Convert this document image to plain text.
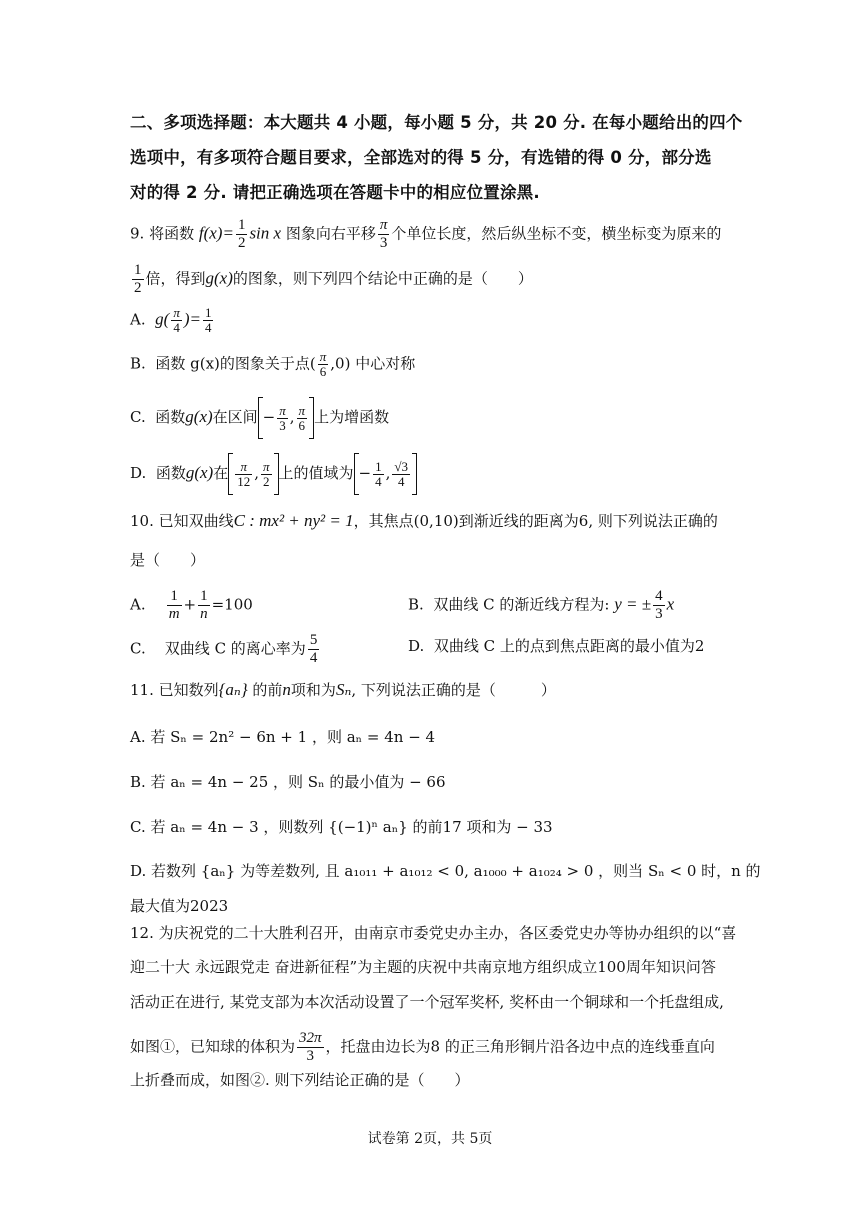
二、多项选择题：本大题共 4 小题，每小题 5 分，共 20 分. 在每小题给出的四个
选项中，有多项符合题目要求，全部选对的得 5 分，有选错的得 0 分，部分选
对的得 2 分. 请把正确选项在答题卡中的相应位置涂黑.
9. 将函数 $f(x)= \frac{1}{2}$ sin x 图象向右平移 $\frac{\pi}{3}$ 个单位长度，然后纵坐标不变，横坐标变为原来的
$\frac{1}{2}$ 倍，得到g(x)的图象，则下列四个结论中正确的是（　　）
A. $g( \frac{\pi}{4}$ )= $\frac{1}{4}$
B. 函数 g(x)的图象关于点( $\frac{\pi}{6} ,0$) 中心对称
C. 函数g(x)在区间 − $\frac{\pi}{3}$ , $\frac{\pi}{6}$ 上为增函数
D. 函数g(x)在 $\frac{\pi}{12}$ , $\frac{\pi}{2}$ 上的值域为 − $\frac{1}{4}$ , $\frac{√3}{4}$
10. 已知双曲线C : mx² + ny² = 1，其焦点(0,10)到渐近线的距离为6, 则下列说法正确的
是（　　）
A. $\frac{1}{m} + \frac{1}{n} =100$	B. 双曲线 C 的渐近线方程为: y = ± $\frac{4}{3}$ x
C. 双曲线 C 的离心率为 $\frac{5}{4}$	D. 双曲线 C 上的点到焦点距离的最小值为2
11. 已知数列{aₙ} 的前n项和为Sₙ, 下列说法正确的是（　　　）
A. 若 Sₙ = 2n² − 6n + 1 ，则 aₙ = 4n − 4
B. 若 aₙ = 4n − 25 ，则 Sₙ 的最小值为 − 66
C. 若 aₙ = 4n − 3 ，则数列 {(−1)ⁿ aₙ} 的前17 项和为 − 33
D. 若数列 {aₙ} 为等差数列, 且 a₁₀₁₁ + a₁₀₁₂ < 0, a₁₀₀₀ + a₁₀₂₄ > 0 ，则当 Sₙ < 0 时，n 的
最大值为2023
12. 为庆祝党的二十大胜利召开，由南京市委党史办主办，各区委党史办等协办组织的以“喜
迎二十大 永远跟党走 奋进新征程”为主题的庆祝中共南京地方组织成立100周年知识问答
活动正在进行, 某党支部为本次活动设置了一个冠军奖杯, 奖杯由一个铜球和一个托盘组成,
如图①，已知球的体积为 $\frac{32\pi}{3}$ ，托盘由边长为8 的正三角形铜片沿各边中点的连线垂直向
上折叠而成，如图②. 则下列结论正确的是（　　）
试卷第 2页，共 5页
